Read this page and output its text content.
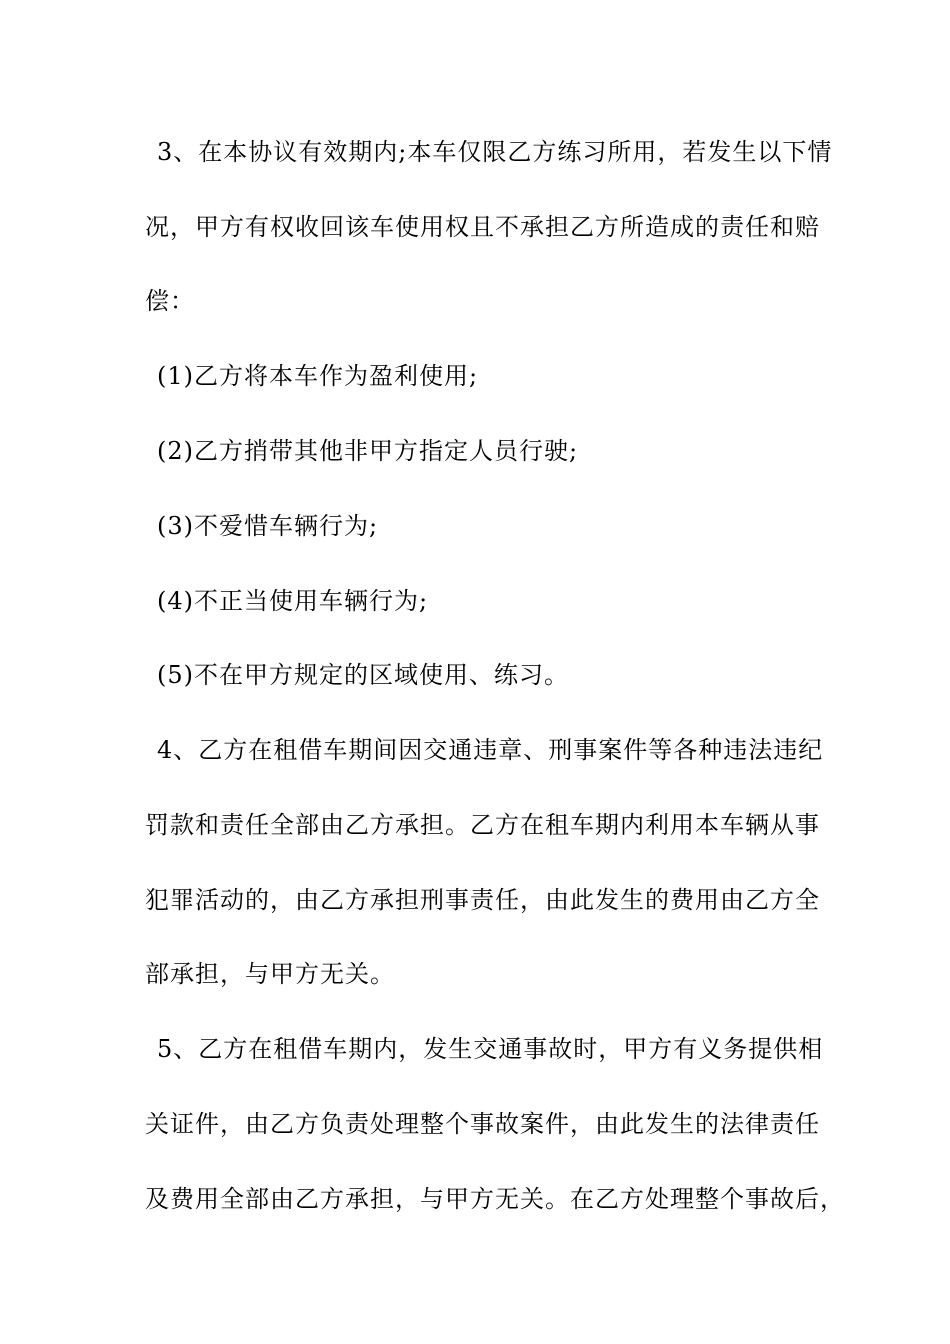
3、在本协议有效期内;本车仅限乙方练习所用，若发生以下情
况，甲方有权收回该车使用权且不承担乙方所造成的责任和赔
偿：
(1)乙方将本车作为盈利使用;
(2)乙方捎带其他非甲方指定人员行驶;
(3)不爱惜车辆行为;
(4)不正当使用车辆行为;
(5)不在甲方规定的区域使用、练习。
4、乙方在租借车期间因交通违章、刑事案件等各种违法违纪
罚款和责任全部由乙方承担。乙方在租车期内利用本车辆从事
犯罪活动的，由乙方承担刑事责任，由此发生的费用由乙方全
部承担，与甲方无关。
5、乙方在租借车期内，发生交通事故时，甲方有义务提供相
关证件，由乙方负责处理整个事故案件，由此发生的法律责任
及费用全部由乙方承担，与甲方无关。在乙方处理整个事故后，
